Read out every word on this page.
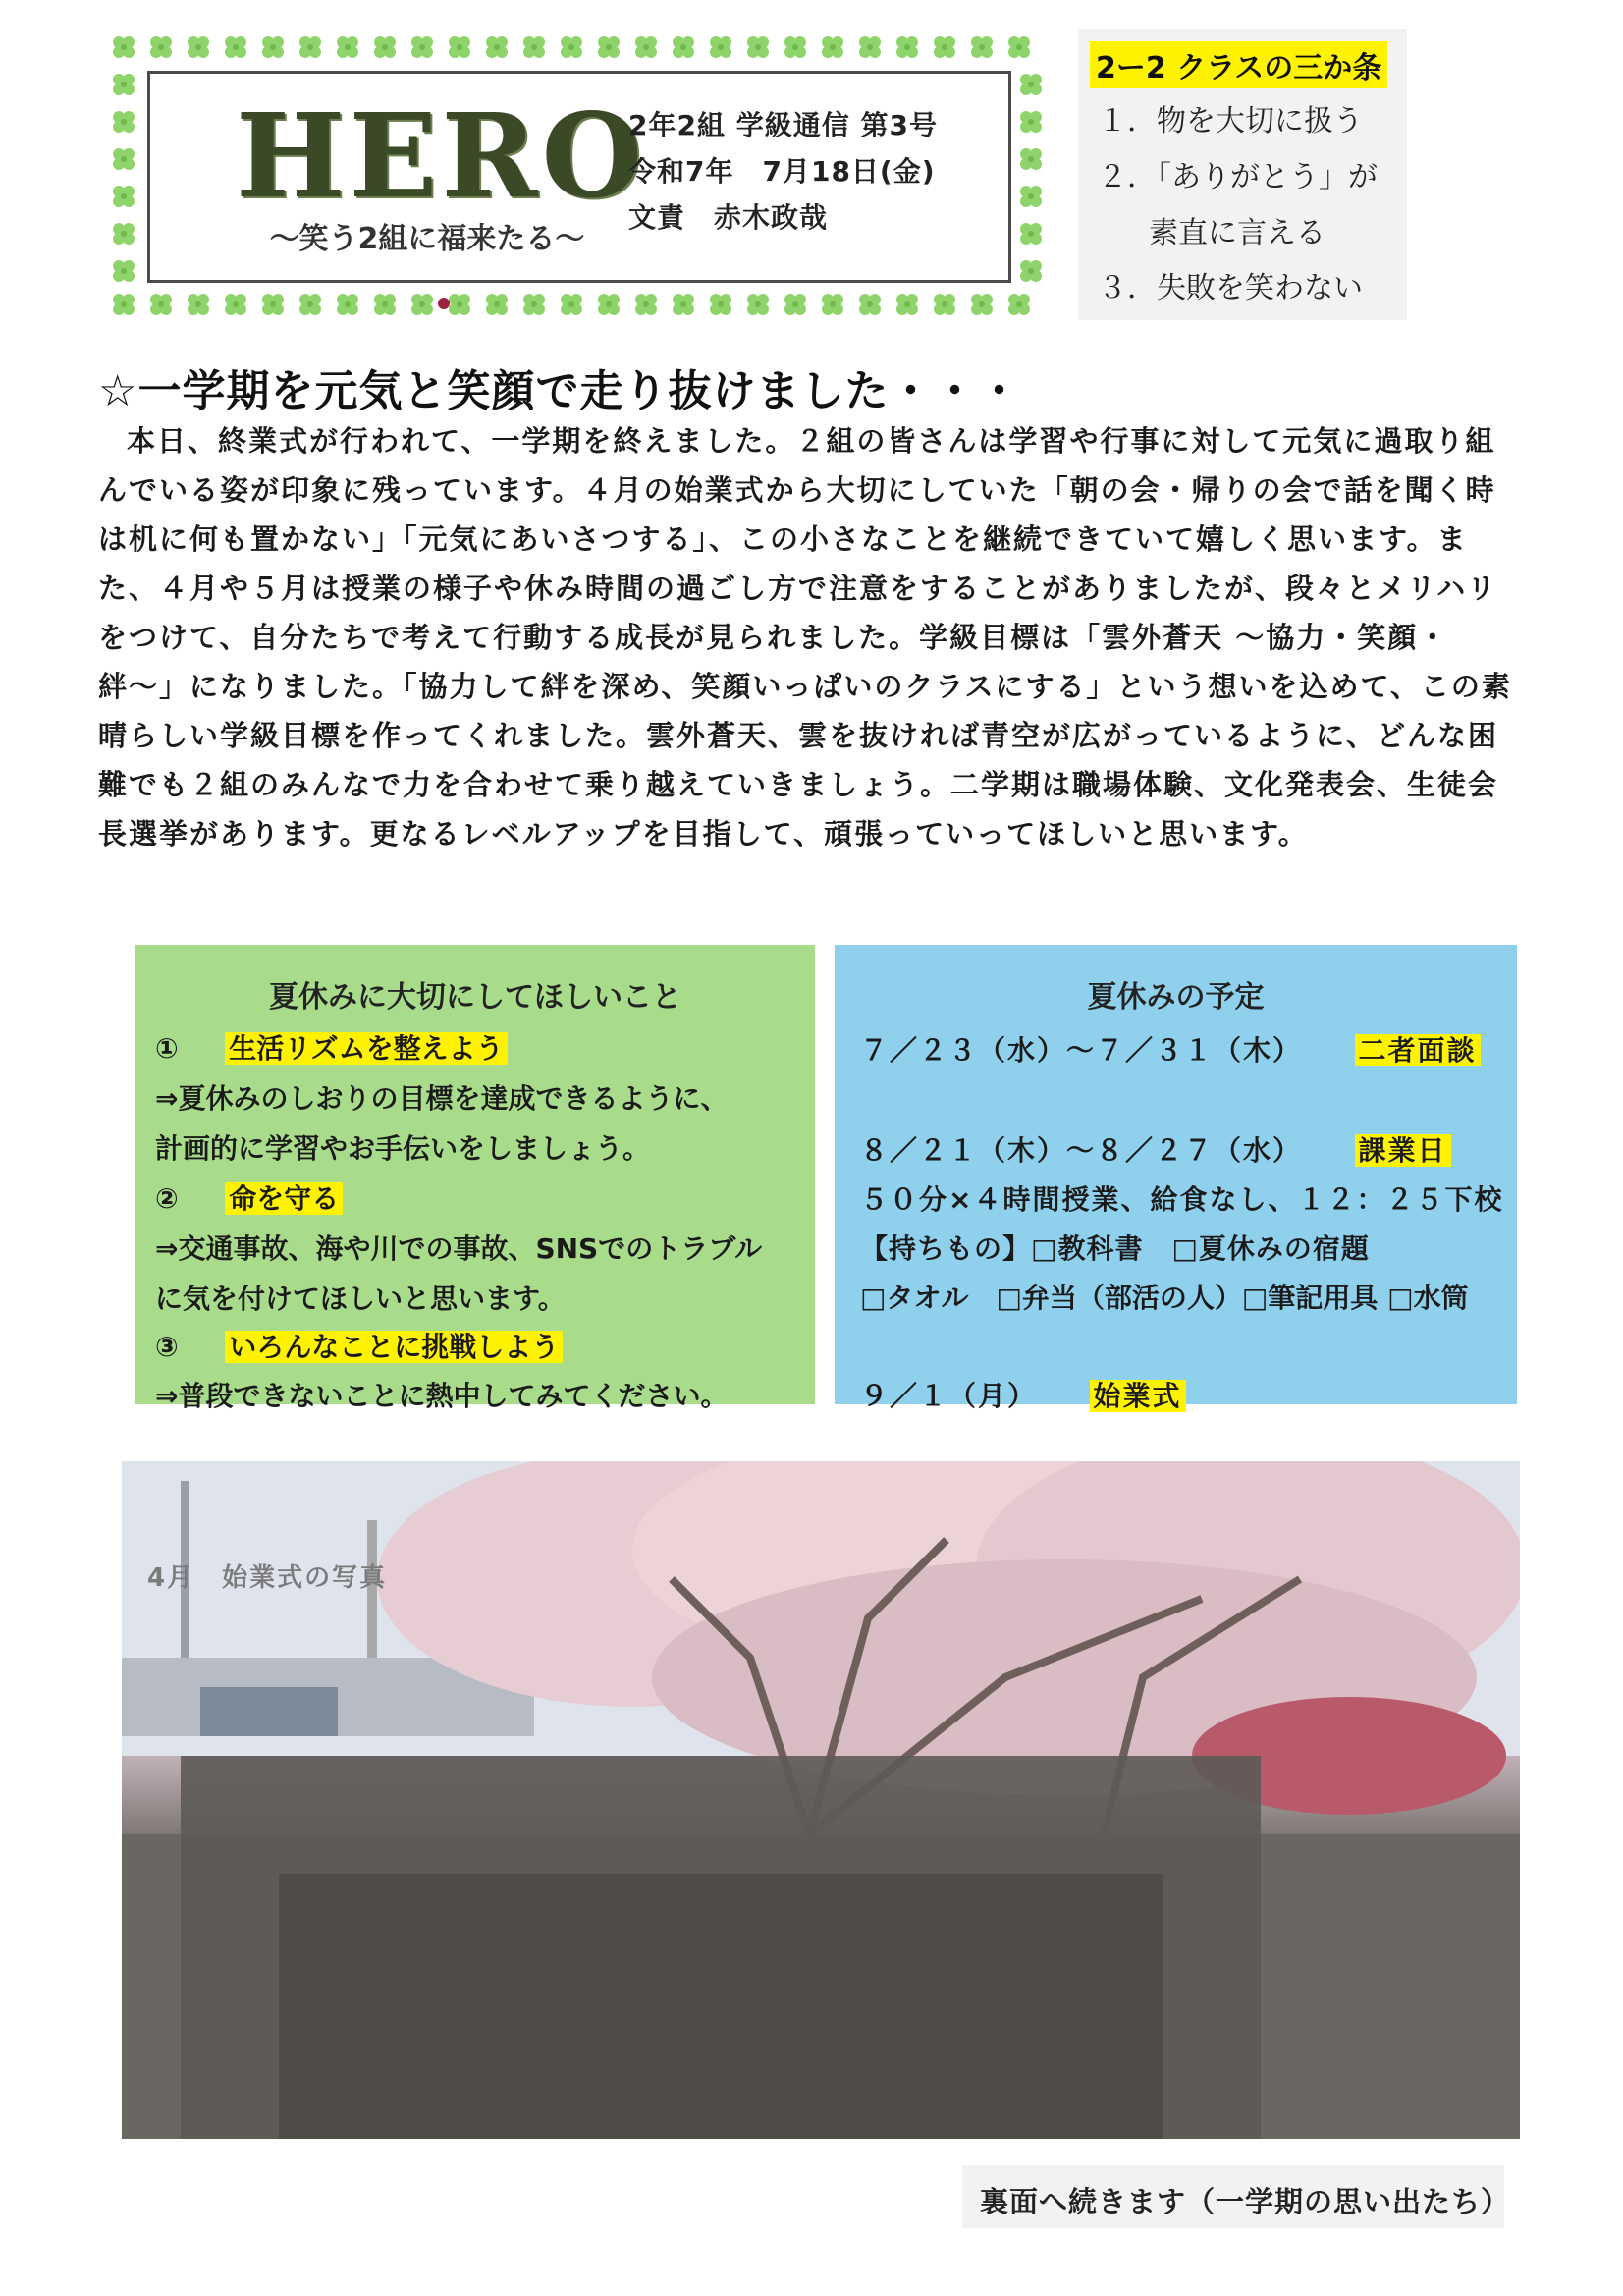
HERO
〜笑う2組に福来たる〜
2年2組 学級通信 第3号
令和7年　7月18日(金)
文責　赤木政哉
2ー2 クラスの三か条
１．物を大切に扱う
２．「ありがとう」が
素直に言える
３．失敗を笑わない
☆一学期を元気と笑顔で走り抜けました・・・
本日、終業式が行われて、一学期を終えました。２組の皆さんは学習や行事に対して元気に過取り組んでいる姿が印象に残っています。４月の始業式から大切にしていた「朝の会・帰りの会で話を聞く時は机に何も置かない」「元気にあいさつする」、この小さなことを継続できていて嬉しく思います。また、４月や５月は授業の様子や休み時間の過ごし方で注意をすることがありましたが、段々とメリハリをつけて、自分たちで考えて行動する成長が見られました。学級目標は「雲外蒼天 〜協力・笑顔・絆〜」になりました。「協力して絆を深め、笑顔いっぱいのクラスにする」という想いを込めて、この素晴らしい学級目標を作ってくれました。雲外蒼天、雲を抜ければ青空が広がっているように、どんな困難でも２組のみんなで力を合わせて乗り越えていきましょう。二学期は職場体験、文化発表会、生徒会長選挙があります。更なるレベルアップを目指して、頑張っていってほしいと思います。
夏休みに大切にしてほしいこと
① 生活リズムを整えよう
⇒夏休みのしおりの目標を達成できるように、
計画的に学習やお手伝いをしましょう。
② 命を守る
⇒交通事故、海や川での事故、SNSでのトラブル
に気を付けてほしいと思います。
③ いろんなことに挑戦しよう
⇒普段できないことに熱中してみてください。
夏休みの予定
７／２３（水）〜７／３１（木） 二者面談
８／２１（木）〜８／２７（水） 課業日
５０分×４時間授業、給食なし、１２：２５下校
【持ちもの】□教科書　□夏休みの宿題
□タオル　□弁当（部活の人）□筆記用具 □水筒
９／１（月） 始業式
4月　始業式の写真
裏面へ続きます（一学期の思い出たち）
